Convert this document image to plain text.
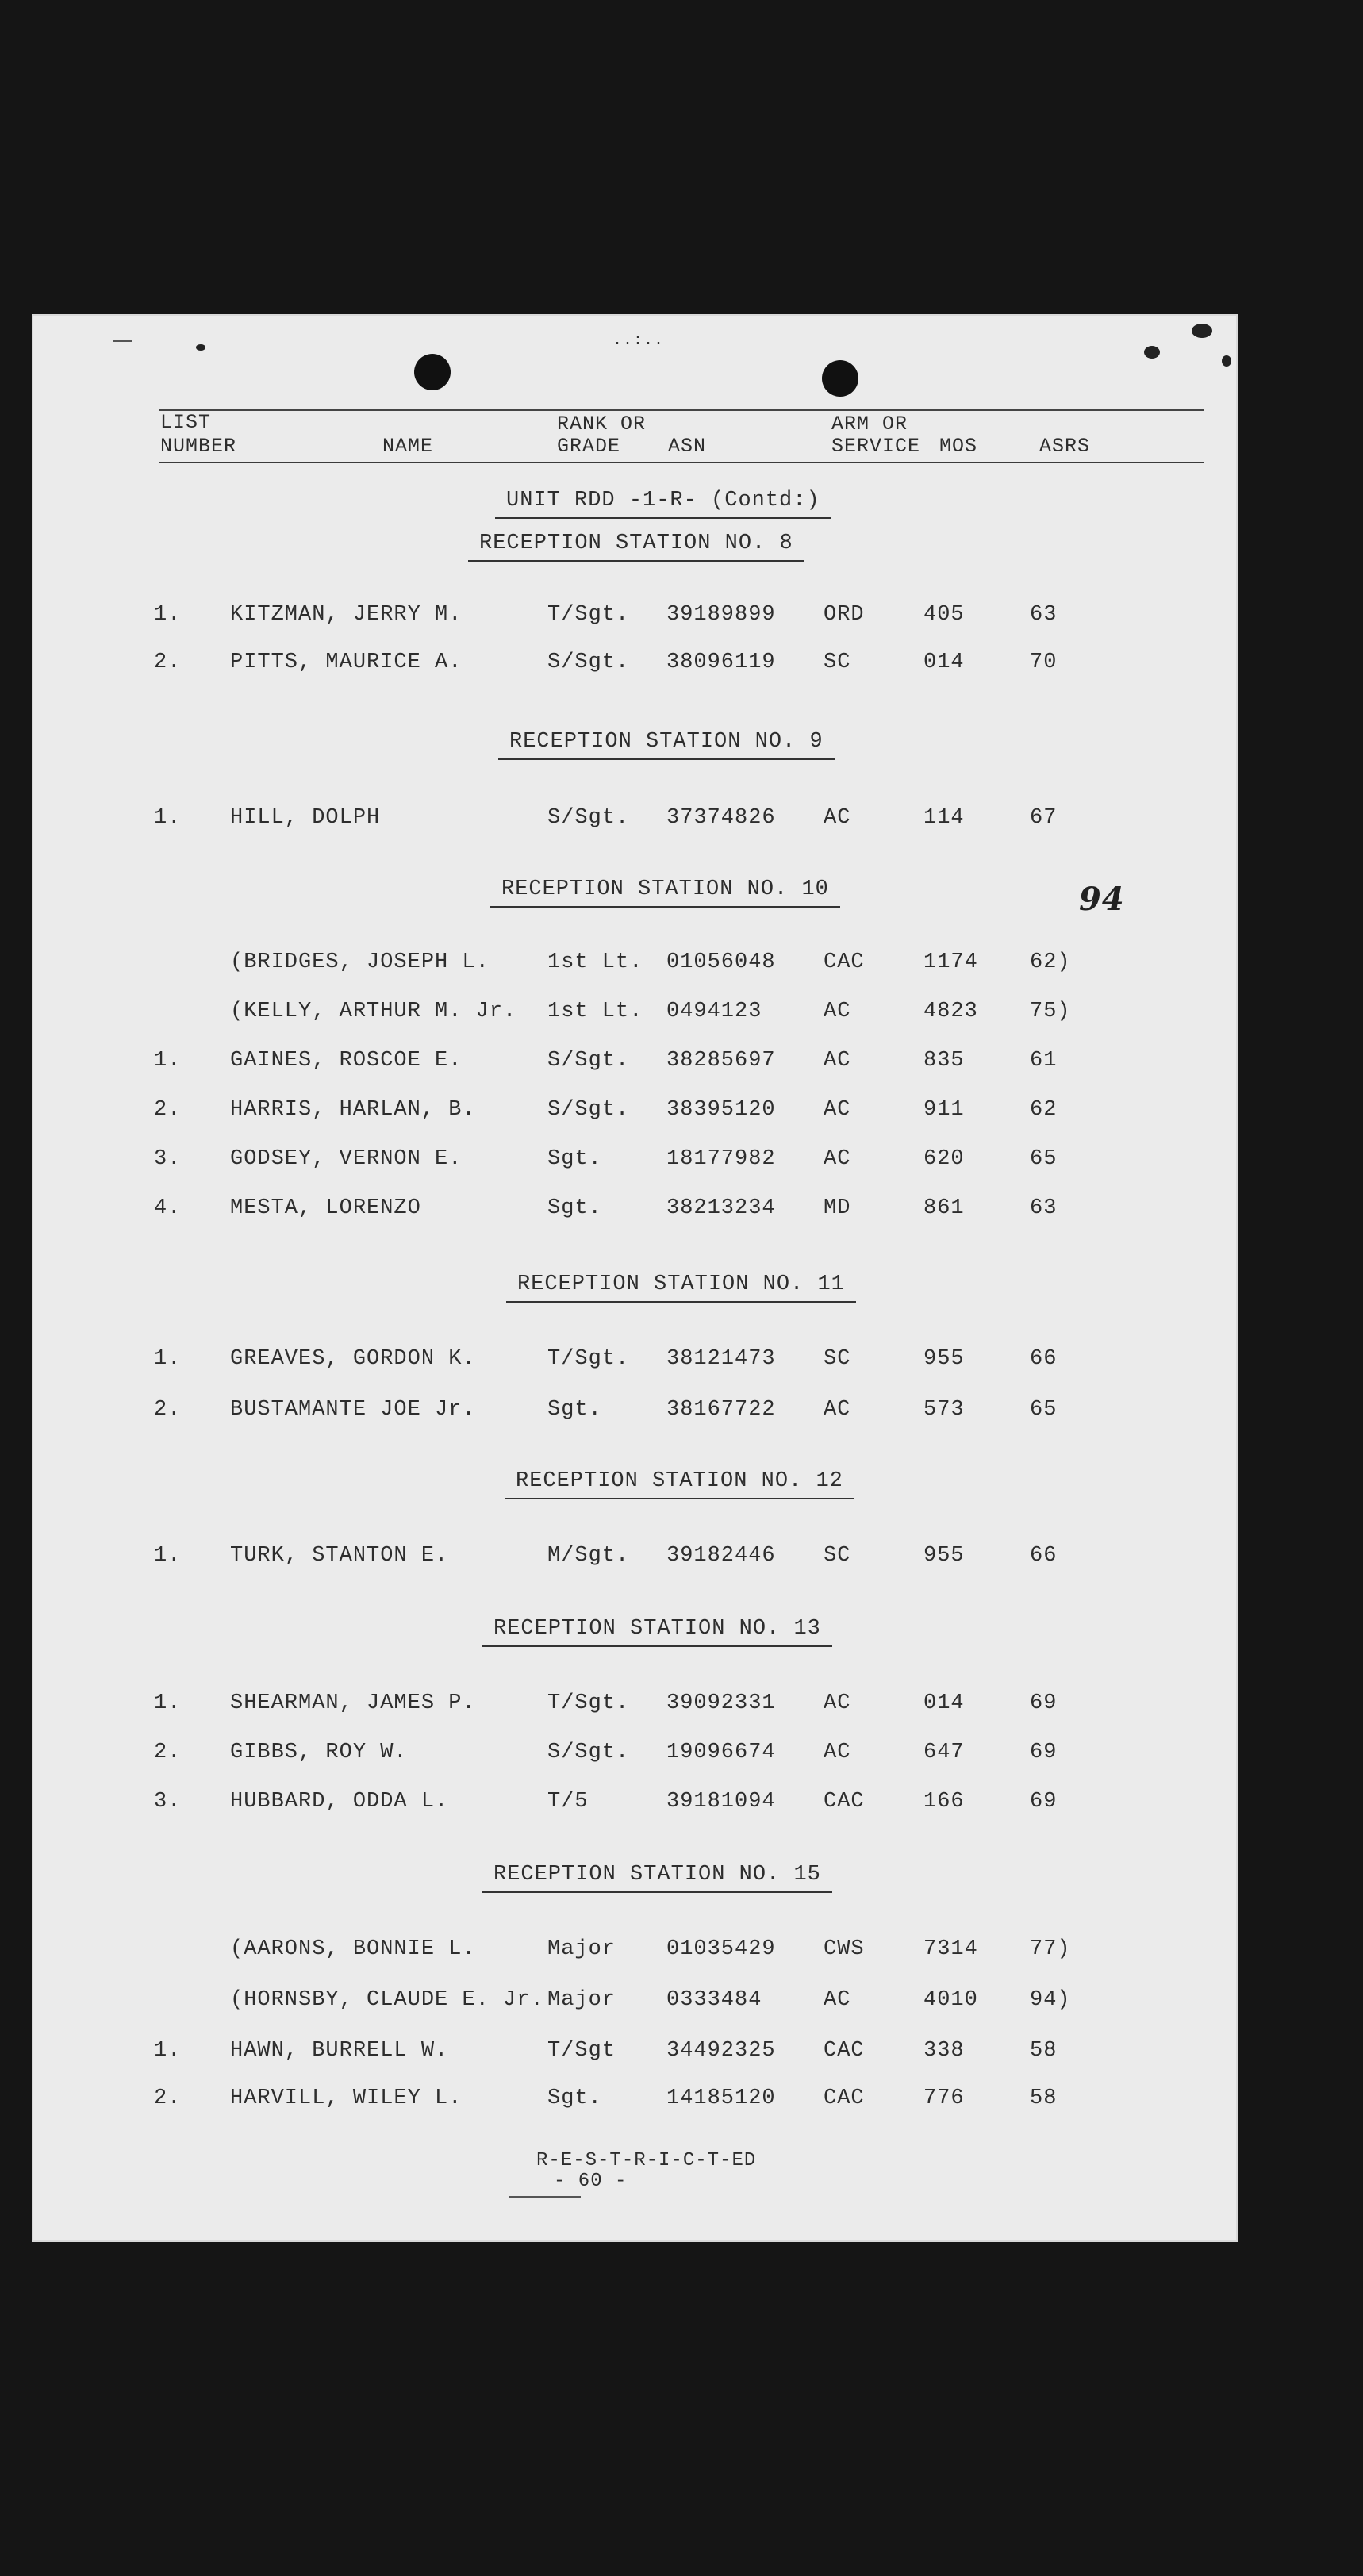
..:..
LIST
NUMBER	NAME
RANK OR
GRADE ASN
ARM OR
SERVICE MOS	ASRS
UNIT RDD -1-R- (Contd:)
94
RECEPTION STATION NO. 8
1. KITZMAN, JERRY M.	T/Sgt. 39189899 ORD	405	63
2. PITTS, MAURICE A.	S/Sgt. 38096119 SC	014	70
RECEPTION STATION NO. 9
1. HILL, DOLPH	S/Sgt. 37374826 AC	114	67
RECEPTION STATION NO. 10
(BRIDGES, JOSEPH L.	1st Lt. 01056048 CAC	1174 62)
(KELLY, ARTHUR M. Jr. 1st Lt. 0494123	AC	4823 75)
1. GAINES, ROSCOE E.	S/Sgt. 38285697 AC	835	61
2. HARRIS, HARLAN, B.	S/Sgt. 38395120 AC	911	62
3. GODSEY, VERNON E.	Sgt.	18177982 AC	620	65
4. MESTA, LORENZO	Sgt.	38213234 MD	861	63
RECEPTION STATION NO. 11
1. GREAVES, GORDON K.	T/Sgt. 38121473 SC	955	66
2. BUSTAMANTE JOE Jr.	Sgt.	38167722 AC	573	65
RECEPTION STATION NO. 12
1. TURK, STANTON E.	M/Sgt. 39182446 SC	955	66
RECEPTION STATION NO. 13
1. SHEARMAN, JAMES P.	T/Sgt. 39092331 AC	014	69
2. GIBBS, ROY W.	S/Sgt. 19096674 AC	647	69
3. HUBBARD, ODDA L.	T/5	39181094 CAC	166	69
RECEPTION STATION NO. 15
(AARONS, BONNIE L.	Major 01035429 CWS	7314 77)
(HORNSBY, CLAUDE E. Jr. Major 0333484	AC	4010 94)
1. HAWN, BURRELL W.	T/Sgt 34492325 CAC	338	58
2. HARVILL, WILEY L.	Sgt.	14185120 CAC	776	58
R-E-S-T-R-I-C-T-ED
- 60 -
